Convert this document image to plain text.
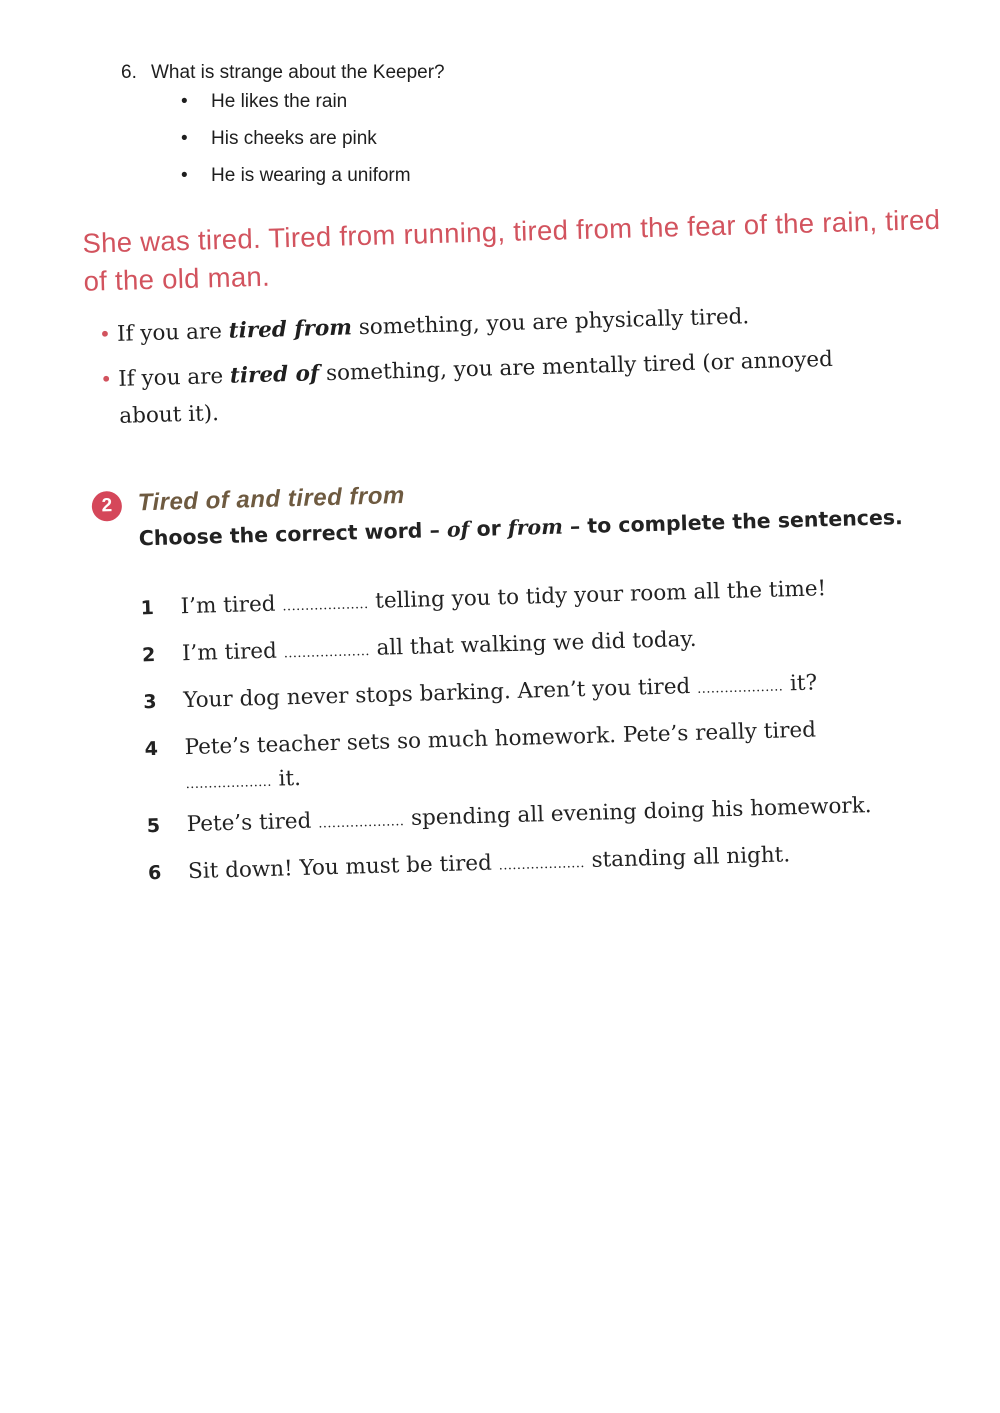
6. What is strange about the Keeper?
• He likes the rain
• His cheeks are pink
• He is wearing a uniform

She was tired. Tired from running, tired from the fear of the rain, tired of the old man.

• If you are tired from something, you are physically tired.
• If you are tired of something, you are mentally tired (or annoyed about it).
2	Tired of and tired from
Choose the correct word – of or from – to complete the sentences.
1 I’m tired ................... telling you to tidy your room all the time!
2 I’m tired ................... all that walking we did today.
3 Your dog never stops barking. Aren’t you tired ................... it?
4 Pete’s teacher sets so much homework. Pete’s really tired
................... it.
5 Pete’s tired ................... spending all evening doing his homework.
6 Sit down! You must be tired ................... standing all night.
